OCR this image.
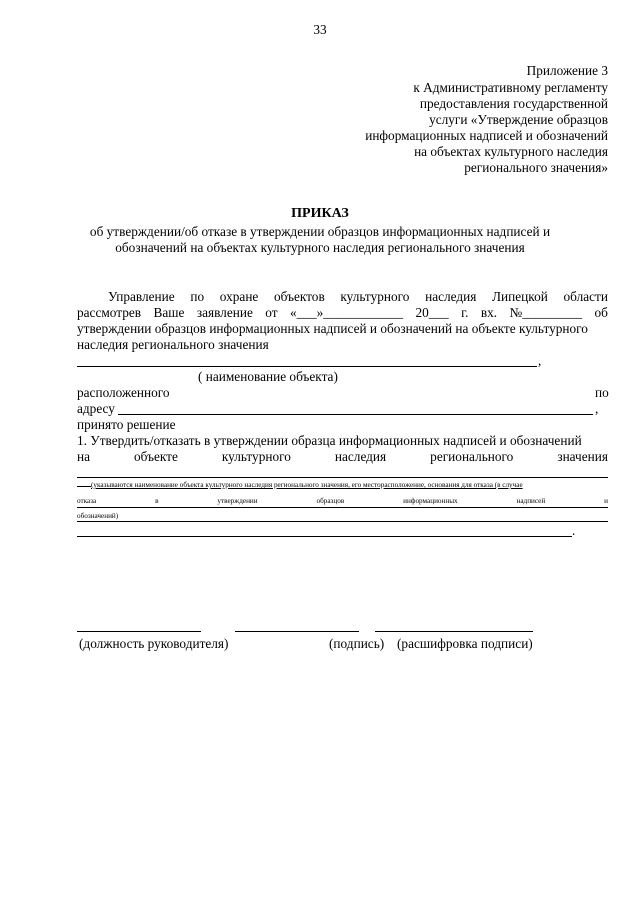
33
Приложение 3
к Административному регламенту
предоставления государственной
услуги «Утверждение образцов
информационных надписей и обозначений
на объектах культурного наследия
регионального значения»
ПРИКАЗ
об утверждении/об отказе в утверждении образцов информационных надписей и
обозначений на объектах культурного наследия регионального значения
Управление по охране объектов культурного наследия Липецкой области
рассмотрев Ваше заявление от «___»____________ 20___ г. вх. №_________ об
утверждении образцов информационных надписей и обозначений на объекте культурного
наследия регионального значения
,
( наименование объекта)
расположенного	по
адресу	,
принято решение
1. Утвердить/отказать в утверждении образца информационных надписей и обозначений
на	объекте	культурного	наследия	регионального	значения
(указываются наименование объекта культурного наследия регионального значения, его месторасположение, основания для отказа (в случае
отказа	в	утверждении	образцов	информационных	надписей	и
обозначений)
.
(должность руководителя)	(подпись) (расшифровка подписи)
